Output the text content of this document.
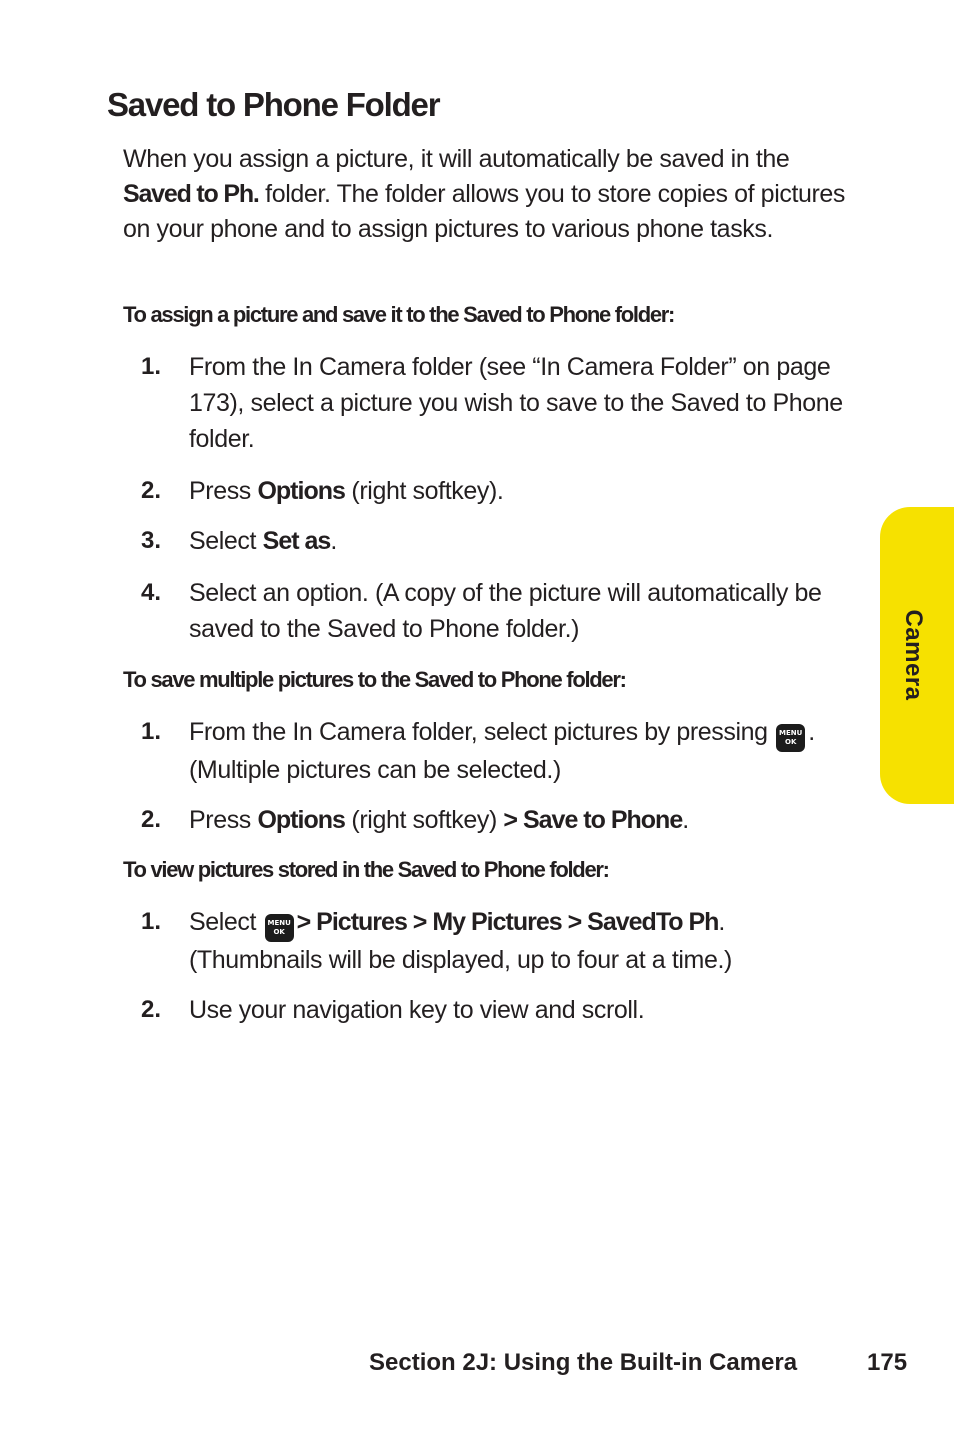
Saved to Phone Folder

When you assign a picture, it will automatically be saved in the Saved to Ph. folder. The folder allows you to store copies of pictures on your phone and to assign pictures to various phone tasks.

To assign a picture and save it to the Saved to Phone folder:
1. From the In Camera folder (see “In Camera Folder” on page 173), select a picture you wish to save to the Saved to Phone folder.
2. Press Options (right softkey).
3. Select Set as.
4. Select an option. (A copy of the picture will automatically be saved to the Saved to Phone folder.)
To save multiple pictures to the Saved to Phone folder:
1. From the In Camera folder, select pictures by pressing MENU
OK . (Multiple pictures can be selected.)
2. Press Options (right softkey) > Save to Phone.
To view pictures stored in the Saved to Phone folder:
1. Select MENU
OK > Pictures > My Pictures > SavedTo Ph. (Thumbnails will be displayed, up to four at a time.)
2. Use your navigation key to view and scroll.
Camera
Section 2J: Using the Built-in Camera	175
